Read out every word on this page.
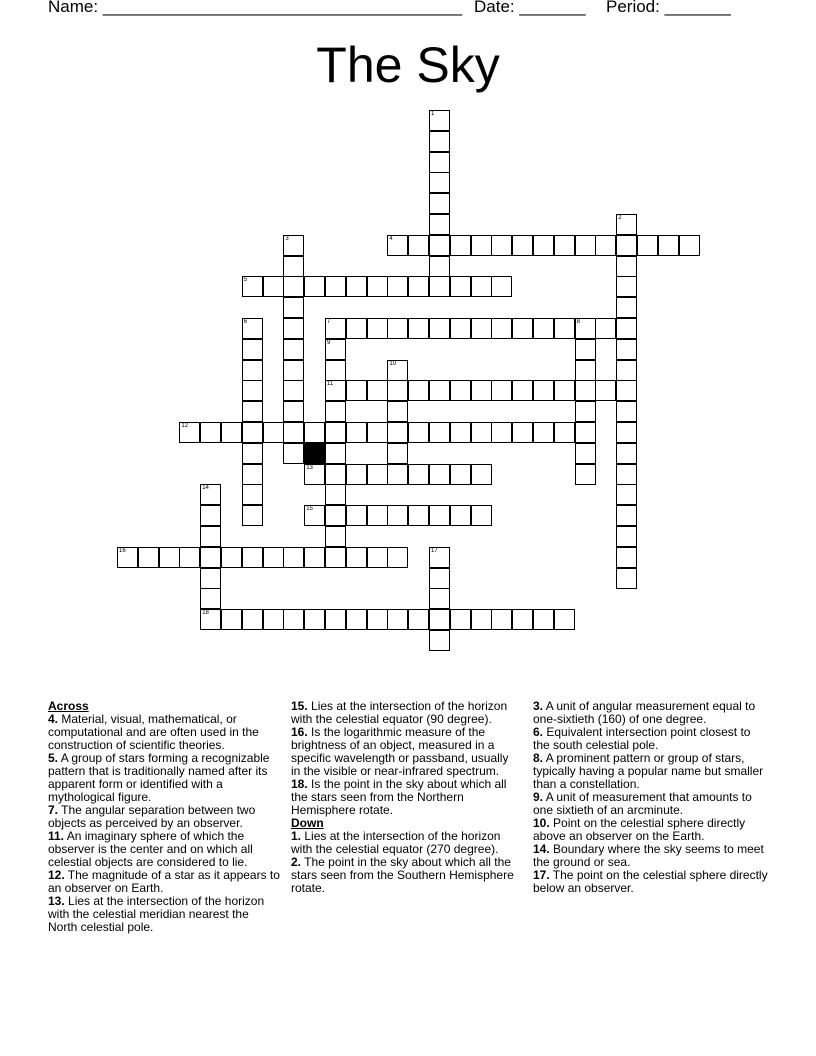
Name: ______________________________________ Date: _______ Period: _______
The Sky
4
5
7	8
11
12
13
15
16
18
1
2
3
6
9
10
14
17
Across
4. Material, visual, mathematical, or computational and are often used in the construction of scientific theories.
5. A group of stars forming a recognizable pattern that is traditionally named after its apparent form or identified with a mythological figure.
7. The angular separation between two objects as perceived by an observer.
11. An imaginary sphere of which the observer is the center and on which all celestial objects are considered to lie.
12. The magnitude of a star as it appears to an observer on Earth.
13. Lies at the intersection of the horizon with the celestial meridian nearest the North celestial pole.
15. Lies at the intersection of the horizon with the celestial equator (90 degree).
16. Is the logarithmic measure of the brightness of an object, measured in a specific wavelength or passband, usually in the visible or near-infrared spectrum.
18. Is the point in the sky about which all the stars seen from the Northern Hemisphere rotate.
Down
1. Lies at the intersection of the horizon with the celestial equator (270 degree).
2. The point in the sky about which all the stars seen from the Southern Hemisphere rotate.
3. A unit of angular measurement equal to one-sixtieth (160) of one degree.
6. Equivalent intersection point closest to the south celestial pole.
8. A prominent pattern or group of stars, typically having a popular name but smaller than a constellation.
9. A unit of measurement that amounts to one sixtieth of an arcminute.
10. Point on the celestial sphere directly above an observer on the Earth.
14. Boundary where the sky seems to meet the ground or sea.
17. The point on the celestial sphere directly below an observer.
